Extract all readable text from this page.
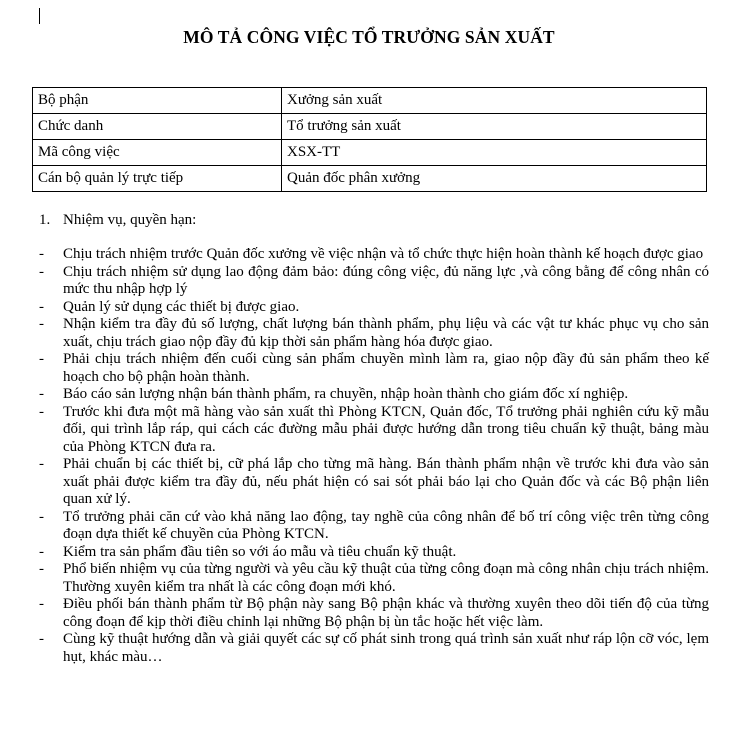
MÔ TẢ CÔNG VIỆC TỔ TRƯỞNG SẢN XUẤT
Bộ phận	Xưởng sản xuất
Chức danh	Tổ trưởng sản xuất
Mã công việc	XSX-TT
Cán bộ quản lý trực tiếp	Quản đốc phân xưởng
1. Nhiệm vụ, quyền hạn:
- Chịu trách nhiệm trước Quản đốc xưởng về việc nhận và tổ chức thực hiện hoàn thành kế hoạch được giao
- Chịu trách nhiệm sử dụng lao động đảm bảo: đúng công việc, đủ năng lực ,và công bằng để công nhân có mức thu nhập hợp lý
- Quản lý sử dụng các thiết bị được giao.
- Nhận kiểm tra đầy đủ số lượng, chất lượng bán thành phẩm, phụ liệu và các vật tư khác phục vụ cho sản xuất, chịu trách giao nộp đầy đủ kịp thời sản phẩm hàng hóa được giao.
- Phải chịu trách nhiệm đến cuối cùng sản phẩm chuyền mình làm ra, giao nộp đầy đủ sản phẩm theo kế hoạch cho bộ phận hoàn thành.
- Báo cáo sản lượng nhận bán thành phẩm, ra chuyền, nhập hoàn thành cho giám đốc xí nghiệp.
- Trước khi đưa một mã hàng vào sản xuất thì Phòng KTCN, Quản đốc, Tổ trưởng phải nghiên cứu kỹ mẫu đối, qui trình lắp ráp, qui cách các đường mẫu phải được hướng dẫn trong tiêu chuẩn kỹ thuật, bảng màu của Phòng KTCN đưa ra.
- Phải chuẩn bị các thiết bị, cữ phá lắp cho từng mã hàng. Bán thành phẩm nhận về trước khi đưa vào sản xuất phải được kiểm tra đầy đủ, nếu phát hiện có sai sót phải báo lại cho Quản đốc và các Bộ phận liên quan xử lý.
- Tổ trưởng phải căn cứ vào khả năng lao động, tay nghề của công nhân để bố trí công việc trên từng công đoạn dựa thiết kế chuyền của Phòng KTCN.
- Kiểm tra sản phẩm đầu tiên so với áo mẫu và tiêu chuẩn kỹ thuật.
- Phổ biến nhiệm vụ của từng người và yêu cầu kỹ thuật của từng công đoạn mà công nhân chịu trách nhiệm. Thường xuyên kiểm tra nhất là các công đoạn mới khó.
- Điều phối bán thành phẩm từ Bộ phận này sang Bộ phận khác và thường xuyên theo dõi tiến độ của từng công đoạn để kịp thời điều chỉnh lại những Bộ phận bị ùn tắc hoặc hết việc làm.
- Cùng kỹ thuật hướng dẫn và giải quyết các sự cố phát sinh trong quá trình sản xuất như ráp lộn cỡ vóc, lẹm hụt, khác màu…
